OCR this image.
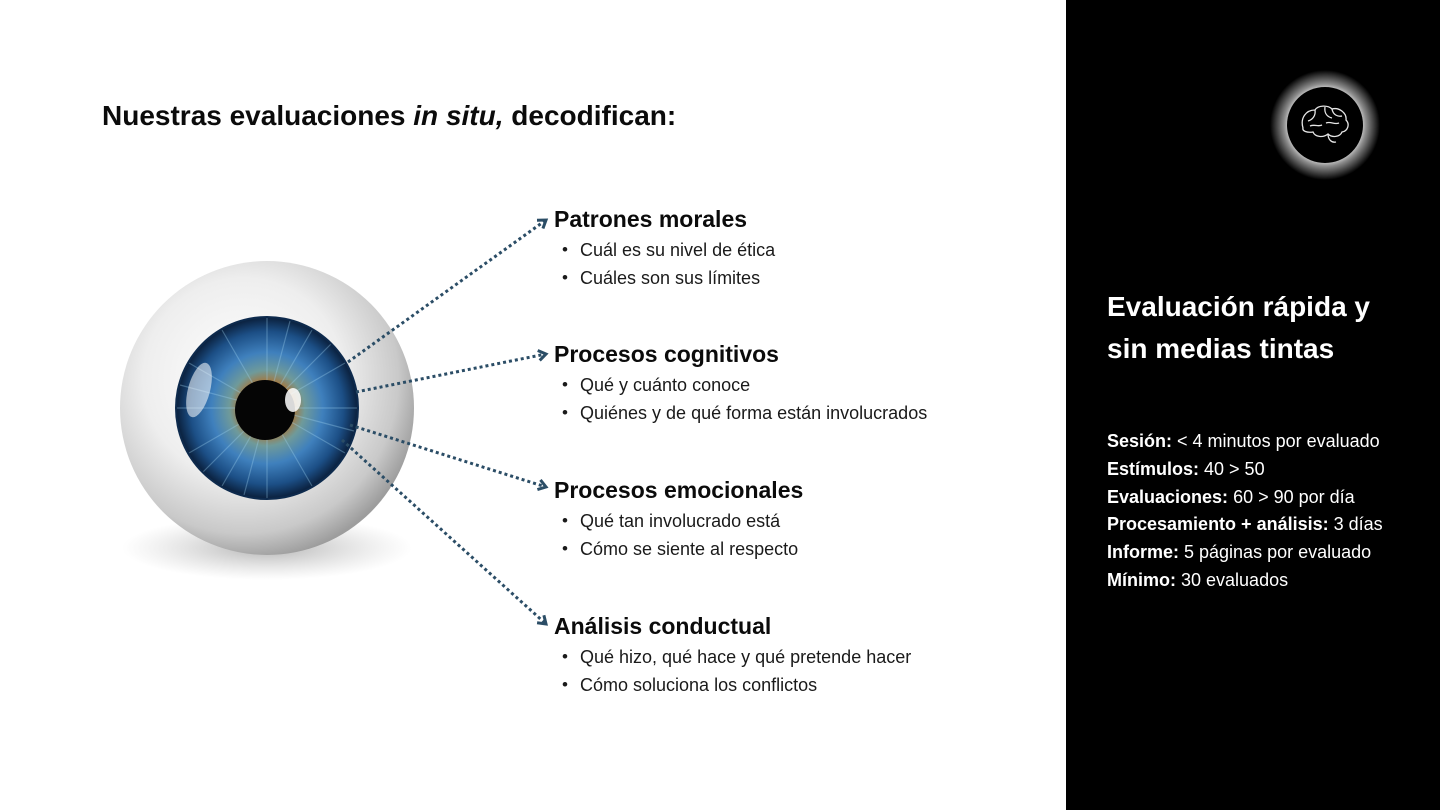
Nuestras evaluaciones in situ, decodifican:
Patrones morales
• Cuál es su nivel de ética
• Cuáles son sus límites
Procesos cognitivos
• Qué y cuánto conoce
• Quiénes y de qué forma están involucrados
Procesos emocionales
• Qué tan involucrado está
• Cómo se siente al respecto
Análisis conductual
• Qué hizo, qué hace y qué pretende hacer
• Cómo soluciona los conflictos
Evaluación rápida y sin medias tintas
Sesión: < 4 minutos por evaluado
Estímulos: 40 > 50
Evaluaciones: 60 > 90 por día
Procesamiento + análisis: 3 días
Informe: 5 páginas por evaluado
Mínimo: 30 evaluados
